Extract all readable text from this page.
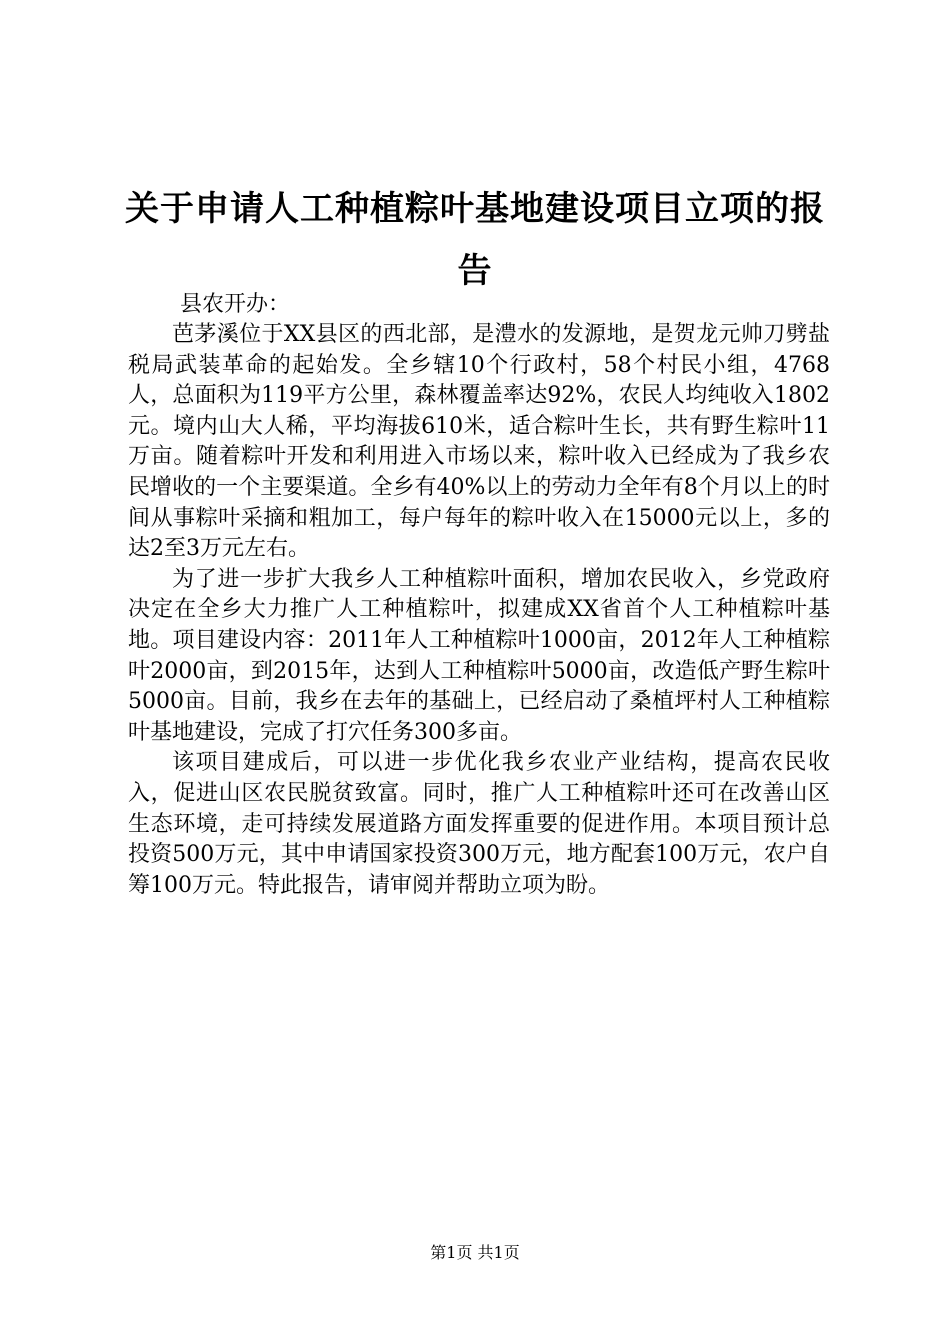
关于申请人工种植粽叶基地建设项目立项的报告
县农开办：

芭茅溪位于XX县区的西北部，是澧水的发源地，是贺龙元帅刀劈盐税局武装革命的起始发。全乡辖10个行政村，58个村民小组，4768人，总面积为119平方公里，森林覆盖率达92%，农民人均纯收入1802元。境内山大人稀，平均海拔610米，适合粽叶生长，共有野生粽叶11万亩。随着粽叶开发和利用进入市场以来，粽叶收入已经成为了我乡农民增收的一个主要渠道。全乡有40%以上的劳动力全年有8个月以上的时间从事粽叶采摘和粗加工，每户每年的粽叶收入在15000元以上，多的达2至3万元左右。

为了进一步扩大我乡人工种植粽叶面积，增加农民收入，乡党政府决定在全乡大力推广人工种植粽叶，拟建成XX省首个人工种植粽叶基地。项目建设内容：2011年人工种植粽叶1000亩，2012年人工种植粽叶2000亩，到2015年，达到人工种植粽叶5000亩，改造低产野生粽叶5000亩。目前，我乡在去年的基础上，已经启动了桑植坪村人工种植粽叶基地建设，完成了打穴任务300多亩。

该项目建成后，可以进一步优化我乡农业产业结构，提高农民收入，促进山区农民脱贫致富。同时，推广人工种植粽叶还可在改善山区生态环境，走可持续发展道路方面发挥重要的促进作用。本项目预计总投资500万元，其中申请国家投资300万元，地方配套100万元，农户自筹100万元。特此报告，请审阅并帮助立项为盼。

第1页 共1页
